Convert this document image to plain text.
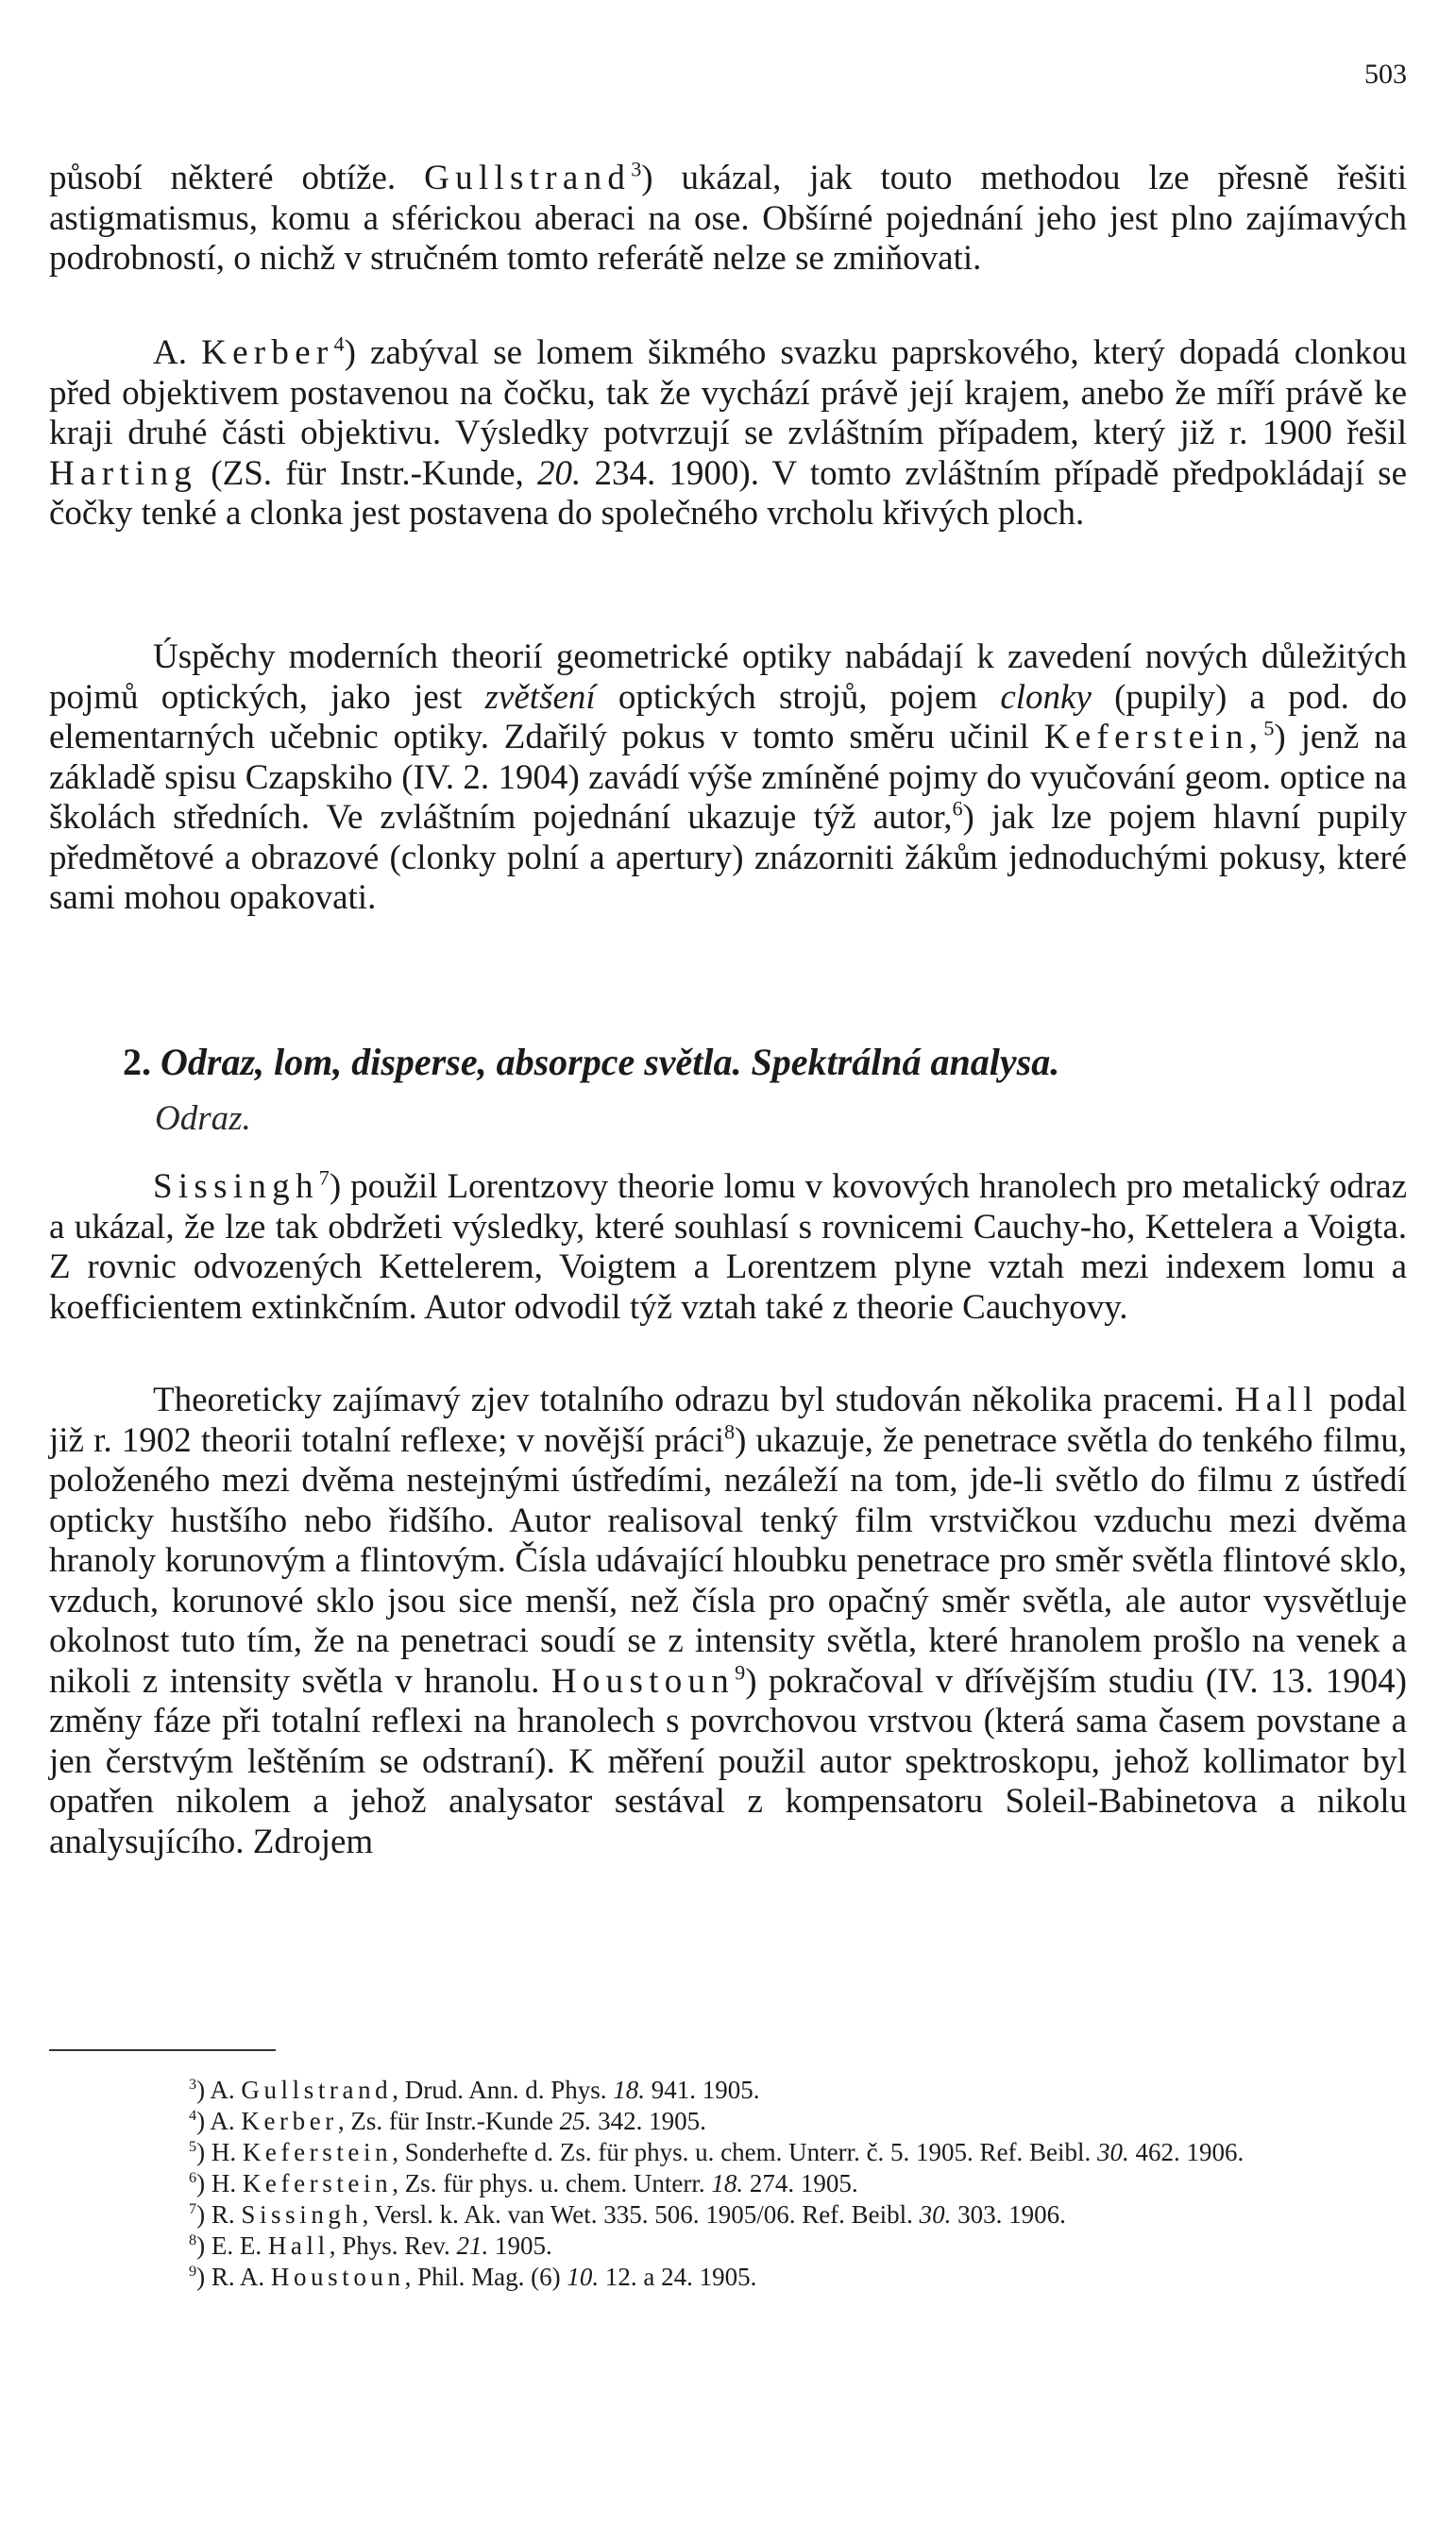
503

působí některé obtíže. Gullstrand$^3$) ukázal, jak touto methodou lze přesně řešiti astigmatismus, komu a sférickou aberaci na ose. Obšírné pojednání jeho jest plno zajímavých podrobností, o nichž v stručném tomto referátě nelze se zmiňovati.

A. Kerber$^4$) zabýval se lomem šikmého svazku paprskového, který dopadá clonkou před objektivem postavenou na čočku, tak že vychází právě její krajem, anebo že míří právě ke kraji druhé části objektivu. Výsledky potvrzují se zvláštním případem, který již r. 1900 řešil Harting (ZS. für Instr.-Kunde, 20. 234. 1900). V tomto zvláštním případě předpokládají se čočky tenké a clonka jest postavena do společného vrcholu křivých ploch.

Úspěchy moderních theorií geometrické optiky nabádají k zavedení nových důležitých pojmů optických, jako jest zvětšení optických strojů, pojem clonky (pupily) a pod. do elementarných učebnic optiky. Zdařilý pokus v tomto směru učinil Keferstein,$^5$) jenž na základě spisu Czapskiho (IV. 2. 1904) zavádí výše zmíněné pojmy do vyučování geom. optice na školách středních. Ve zvláštním pojednání ukazuje týž autor,$^6$) jak lze pojem hlavní pupily předmětové a obrazové (clonky polní a apertury) znázorniti žákům jednoduchými pokusy, které sami mohou opakovati.

2. Odraz, lom, disperse, absorpce světla. Spektrálná analysa.

Odraz.

Sissingh$^7$) použil Lorentzovy theorie lomu v kovových hranolech pro metalický odraz a ukázal, že lze tak obdržeti výsledky, které souhlasí s rovnicemi Cauchy-ho, Kettelera a Voigta. Z rovnic odvozených Kettelerem, Voigtem a Lorentzem plyne vztah mezi indexem lomu a koefficientem extinkčním. Autor odvodil týž vztah také z theorie Cauchyovy.

Theoreticky zajímavý zjev totalního odrazu byl studován několika pracemi. Hall podal již r. 1902 theorii totalní reflexe; v novější práci$^8$) ukazuje, že penetrace světla do tenkého filmu, položeného mezi dvěma nestejnými ústředími, nezáleží na tom, jde-li světlo do filmu z ústředí opticky hustšího nebo řidšího. Autor realisoval tenký film vrstvičkou vzduchu mezi dvěma hranoly korunovým a flintovým. Čísla udávající hloubku penetrace pro směr světla flintové sklo, vzduch, korunové sklo jsou sice menší, než čísla pro opačný směr světla, ale autor vysvětluje okolnost tuto tím, že na penetraci soudí se z intensity světla, které hranolem prošlo na venek a nikoli z intensity světla v hranolu. Houstoun$^9$) pokračoval v dřívějším studiu (IV. 13. 1904) změny fáze při totalní reflexi na hranolech s povrchovou vrstvou (která sama časem povstane a jen čerstvým leštěním se odstraní). K měření použil autor spektroskopu, jehož kollimator byl opatřen nikolem a jehož analysator sestával z kompensatoru Soleil-Babinetova a nikolu analysujícího. Zdrojem

$^3$) A. Gullstrand, Drud. Ann. d. Phys. 18. 941. 1905.

$^4$) A. Kerber, Zs. für Instr.-Kunde 25. 342. 1905.

$^5$) H. Keferstein, Sonderhefte d. Zs. für phys. u. chem. Unterr. č. 5. 1905. Ref. Beibl. 30. 462. 1906.

$^6$) H. Keferstein, Zs. für phys. u. chem. Unterr. 18. 274. 1905.

$^7$) R. Sissingh, Versl. k. Ak. van Wet. 335. 506. 1905/06. Ref. Beibl. 30. 303. 1906.

$^8$) E. E. Hall, Phys. Rev. 21. 1905.

$^9$) R. A. Houstoun, Phil. Mag. (6) 10. 12. a 24. 1905.
